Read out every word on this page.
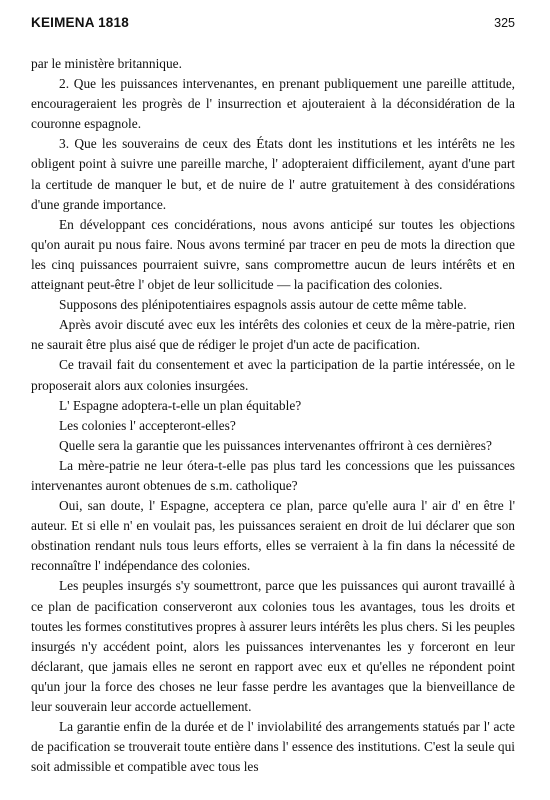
KEIMENA 1818	325

par le ministère britannique.

2. Que les puissances intervenantes, en prenant publiquement une pareille attitude, encourageraient les progrès de l' insurrection et ajouteraient à la déconsidération de la couronne espagnole.

3. Que les souverains de ceux des États dont les institutions et les intérêts ne les obligent point à suivre une pareille marche, l' adopteraient difficilement, ayant d'une part la certitude de manquer le but, et de nuire de l' autre gratuitement à des considérations d'une grande importance.

En développant ces concidérations, nous avons anticipé sur toutes les objections qu'on aurait pu nous faire. Nous avons terminé par tracer en peu de mots la direction que les cinq puissances pourraient suivre, sans compromettre aucun de leurs intérêts et en atteignant peut-être l' objet de leur sollicitude — la pacification des colonies.

Supposons des plénipotentiaires espagnols assis autour de cette même table.

Après avoir discuté avec eux les intérêts des colonies et ceux de la mère-patrie, rien ne saurait être plus aisé que de rédiger le projet d'un acte de pacification.

Ce travail fait du consentement et avec la participation de la partie intéressée, on le proposerait alors aux colonies insurgées.

L' Espagne adoptera-t-elle un plan équitable?

Les colonies l' accepteront-elles?

Quelle sera la garantie que les puissances intervenantes offriront à ces dernières?

La mère-patrie ne leur ótera-t-elle pas plus tard les concessions que les puissances intervenantes auront obtenues de s.m. catholique?

Oui, san doute, l' Espagne, acceptera ce plan, parce qu'elle aura l' air d' en être l' auteur. Et si elle n' en voulait pas, les puissances seraient en droit de lui déclarer que son obstination rendant nuls tous leurs efforts, elles se verraient à la fin dans la nécessité de reconnaître l' indépendance des colonies.

Les peuples insurgés s'y soumettront, parce que les puissances qui auront travaillé à ce plan de pacification conserveront aux colonies tous les avantages, tous les droits et toutes les formes constitutives propres à assurer leurs intérêts les plus chers. Si les peuples insurgés n'y accédent point, alors les puissances intervenantes les y forceront en leur déclarant, que jamais elles ne seront en rapport avec eux et qu'elles ne répondent point qu'un jour la force des choses ne leur fasse perdre les avantages que la bienveillance de leur souverain leur accorde actuellement.

La garantie enfin de la durée et de l' inviolabilité des arrangements statués par l' acte de pacification se trouverait toute entière dans l' essence des institutions. C'est la seule qui soit admissible et compatible avec tous les
